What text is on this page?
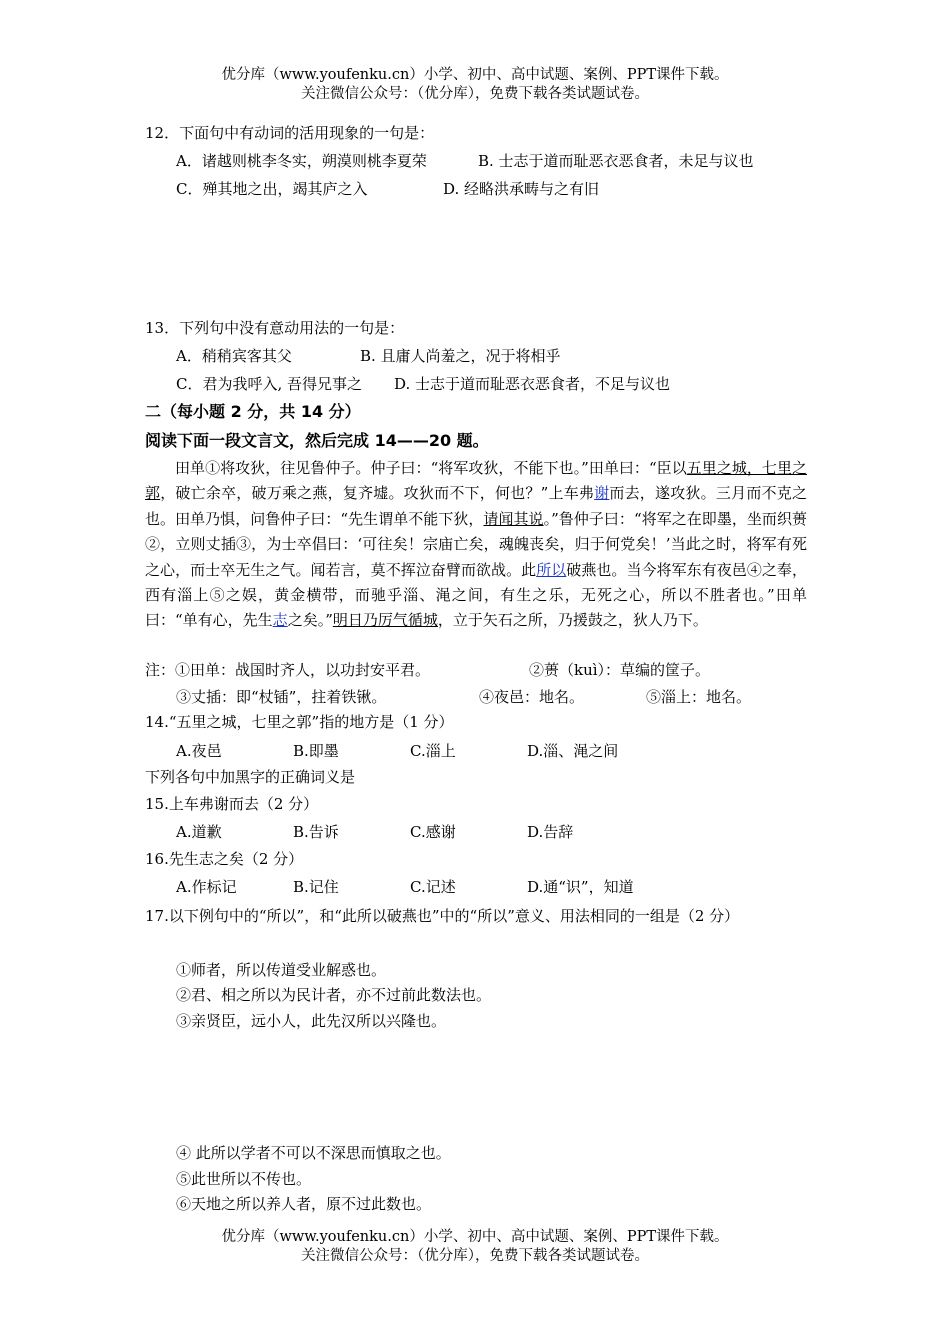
优分库（www.youfenku.cn）小学、初中、高中试题、案例、PPT课件下载。
关注微信公众号：（优分库），免费下载各类试题试卷。
12．下面句中有动词的活用现象的一句是：
A．诸越则桃李冬实，朔漠则桃李夏荣	B. 士志于道而耻恶衣恶食者，未足与议也
C．殚其地之出，竭其庐之入	D. 经略洪承畴与之有旧
13．下列句中没有意动用法的一句是：
A．稍稍宾客其父	B. 且庸人尚羞之，况于将相乎
C．君为我呼入, 吾得兄事之 D. 士志于道而耻恶衣恶食者，不足与议也
二（每小题 2 分，共 14 分）
阅读下面一段文言文，然后完成 14——20 题。
田单①将攻狄，往见鲁仲子。仲子曰：“将军攻狄，不能下也。”田单曰：“臣以五里之城，七里之郭，破亡余卒，破万乘之燕，复齐墟。攻狄而不下，何也？”上车弗谢而去，遂攻狄。三月而不克之也。田单乃惧，问鲁仲子曰：“先生谓单不能下狄，请闻其说。”鲁仲子曰：“将军之在即墨，坐而织蒉②，立则丈插③，为士卒倡曰：‘可往矣！宗庙亡矣，魂魄丧矣，归于何党矣！’当此之时，将军有死之心，而士卒无生之气。闻若言，莫不挥泣奋臂而欲战。此所以破燕也。当今将军东有夜邑④之奉，西有淄上⑤之娱，黄金横带，而驰乎淄、渑之间，有生之乐，无死之心，所以不胜者也。”田单曰：“单有心，先生志之矣。”明日乃厉气循城，立于矢石之所，乃援鼓之，狄人乃下。
注：①田单：战国时齐人，以功封安平君。	②蒉（kuì）：草编的筐子。
③丈插：即“杖锸”，拄着铁锹。	④夜邑：地名。	⑤淄上：地名。
14.“五里之城，七里之郭”指的地方是（1 分）
A.夜邑	B.即墨	C.淄上	D.淄、渑之间
下列各句中加黑字的正确词义是
15.上车弗谢而去（2 分）
A.道歉	B.告诉	C.感谢	D.告辞
16.先生志之矣（2 分）
A.作标记	B.记住	C.记述	D.通“识”，知道
17.以下例句中的“所以”，和“此所以破燕也”中的“所以”意义、用法相同的一组是（2 分）
①师者，所以传道受业解惑也。
②君、相之所以为民计者，亦不过前此数法也。
③亲贤臣，远小人，此先汉所以兴隆也。
④ 此所以学者不可以不深思而慎取之也。
⑤此世所以不传也。
⑥天地之所以养人者，原不过此数也。
优分库（www.youfenku.cn）小学、初中、高中试题、案例、PPT课件下载。
关注微信公众号：（优分库），免费下载各类试题试卷。
